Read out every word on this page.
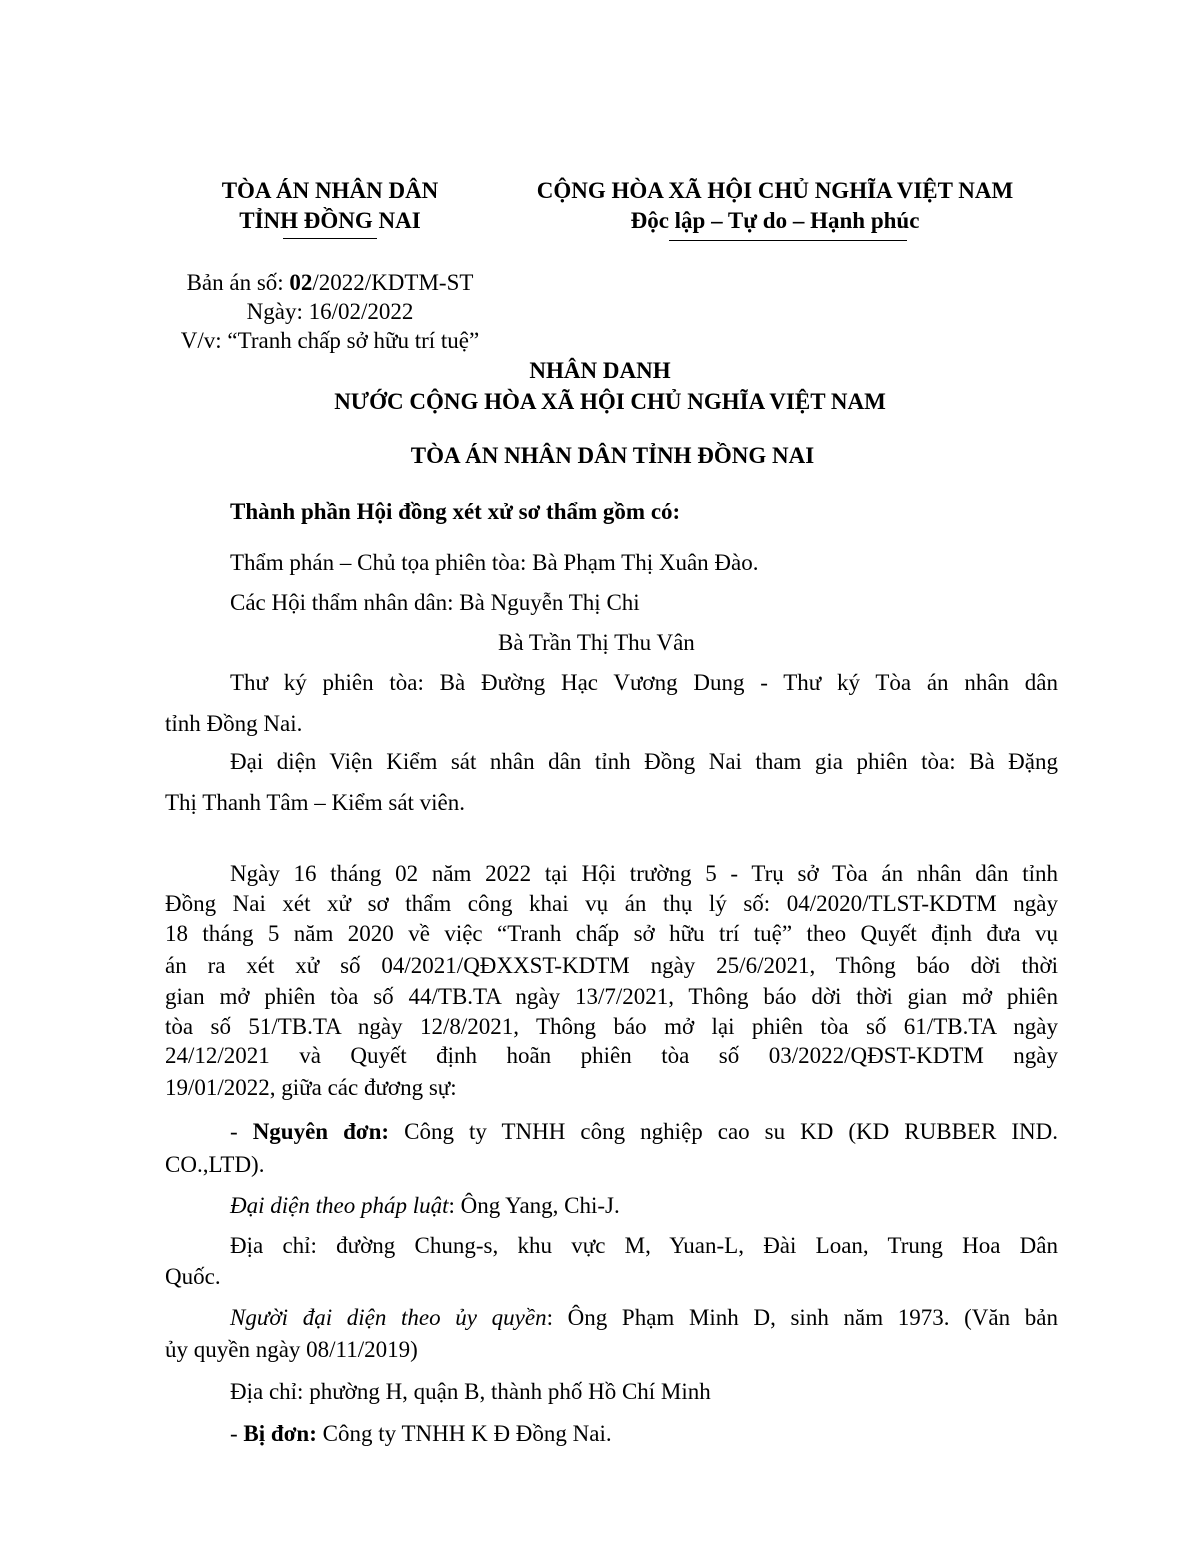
TÒA ÁN NHÂN DÂN
TỈNH ĐỒNG NAI
CỘNG HÒA XÃ HỘI CHỦ NGHĨA VIỆT NAM
Độc lập – Tự do – Hạnh phúc
Bản án số: 02/2022/KDTM-ST
Ngày: 16/02/2022
V/v: “Tranh chấp sở hữu trí tuệ”
NHÂN DANH
NƯỚC CỘNG HÒA XÃ HỘI CHỦ NGHĨA VIỆT NAM
TÒA ÁN NHÂN DÂN TỈNH ĐỒNG NAI
Thành phần Hội đồng xét xử sơ thẩm gồm có:
Thẩm phán – Chủ tọa phiên tòa: Bà Phạm Thị Xuân Đào.
Các Hội thẩm nhân dân: Bà Nguyễn Thị Chi
Bà Trần Thị Thu Vân
Thư ký phiên tòa: Bà Đường Hạc Vương Dung - Thư ký Tòa án nhân dân
tỉnh Đồng Nai.
Đại diện Viện Kiểm sát nhân dân tỉnh Đồng Nai tham gia phiên tòa: Bà Đặng
Thị Thanh Tâm – Kiểm sát viên.
Ngày 16 tháng 02 năm 2022 tại Hội trường 5 - Trụ sở Tòa án nhân dân tỉnh
Đồng Nai xét xử sơ thẩm công khai vụ án thụ lý số: 04/2020/TLST-KDTM ngày
18 tháng 5 năm 2020 về việc “Tranh chấp sở hữu trí tuệ” theo Quyết định đưa vụ
án ra xét xử số 04/2021/QĐXXST-KDTM ngày 25/6/2021, Thông báo dời thời
gian mở phiên tòa số 44/TB.TA ngày 13/7/2021, Thông báo dời thời gian mở phiên
tòa số 51/TB.TA ngày 12/8/2021, Thông báo mở lại phiên tòa số 61/TB.TA ngày
24/12/2021 và Quyết định hoãn phiên tòa số 03/2022/QĐST-KDTM ngày
19/01/2022, giữa các đương sự:
- Nguyên đơn: Công ty TNHH công nghiệp cao su KD (KD RUBBER IND.
CO.,LTD).
Đại diện theo pháp luật: Ông Yang, Chi-J.
Địa chỉ: đường Chung-s, khu vực M, Yuan-L, Đài Loan, Trung Hoa Dân
Quốc.
Người đại diện theo ủy quyền: Ông Phạm Minh D, sinh năm 1973. (Văn bản
ủy quyền ngày 08/11/2019)
Địa chỉ: phường H, quận B, thành phố Hồ Chí Minh
- Bị đơn: Công ty TNHH K Đ Đồng Nai.
